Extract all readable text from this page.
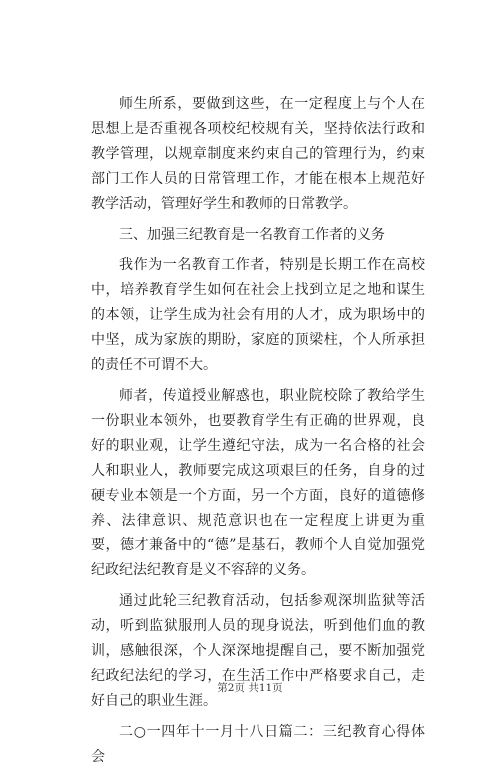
师生所系，要做到这些，在一定程度上与个人在思想上是否重视各项校纪校规有关，坚持依法行政和教学管理，以规章制度来约束自己的管理行为，约束部门工作人员的日常管理工作，才能在根本上规范好教学活动，管理好学生和教师的日常教学。

三、加强三纪教育是一名教育工作者的义务

我作为一名教育工作者，特别是长期工作在高校中，培养教育学生如何在社会上找到立足之地和谋生的本领，让学生成为社会有用的人才，成为职场中的中坚，成为家族的期盼，家庭的顶梁柱，个人所承担的责任不可谓不大。

师者，传道授业解惑也，职业院校除了教给学生一份职业本领外，也要教育学生有正确的世界观，良好的职业观，让学生遵纪守法，成为一名合格的社会人和职业人，教师要完成这项艰巨的任务，自身的过硬专业本领是一个方面，另一个方面，良好的道德修养、法律意识、规范意识也在一定程度上讲更为重要，德才兼备中的“德”是基石，教师个人自觉加强党纪政纪法纪教育是义不容辞的义务。

通过此轮三纪教育活动，包括参观深圳监狱等活动，听到监狱服刑人员的现身说法，听到他们血的教训，感触很深，个人深深地提醒自己，要不断加强党纪政纪法纪的学习，在生活工作中严格要求自己，走好自己的职业生涯。

二○一四年十一月十八日篇二：三纪教育心得体会

第2页 共11页
